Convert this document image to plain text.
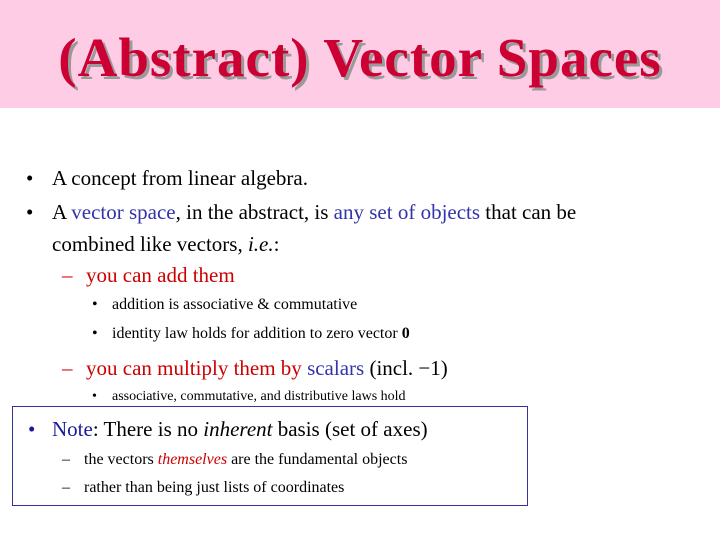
(Abstract) Vector Spaces
• A concept from linear algebra.
• A vector space, in the abstract, is any set of objects that can be
combined like vectors, i.e.:
– you can add them
• addition is associative & commutative
• identity law holds for addition to zero vector 0
– you can multiply them by scalars (incl. −1)
• associative, commutative, and distributive laws hold
• Note: There is no inherent basis (set of axes)
– the vectors themselves are the fundamental objects
– rather than being just lists of coordinates
